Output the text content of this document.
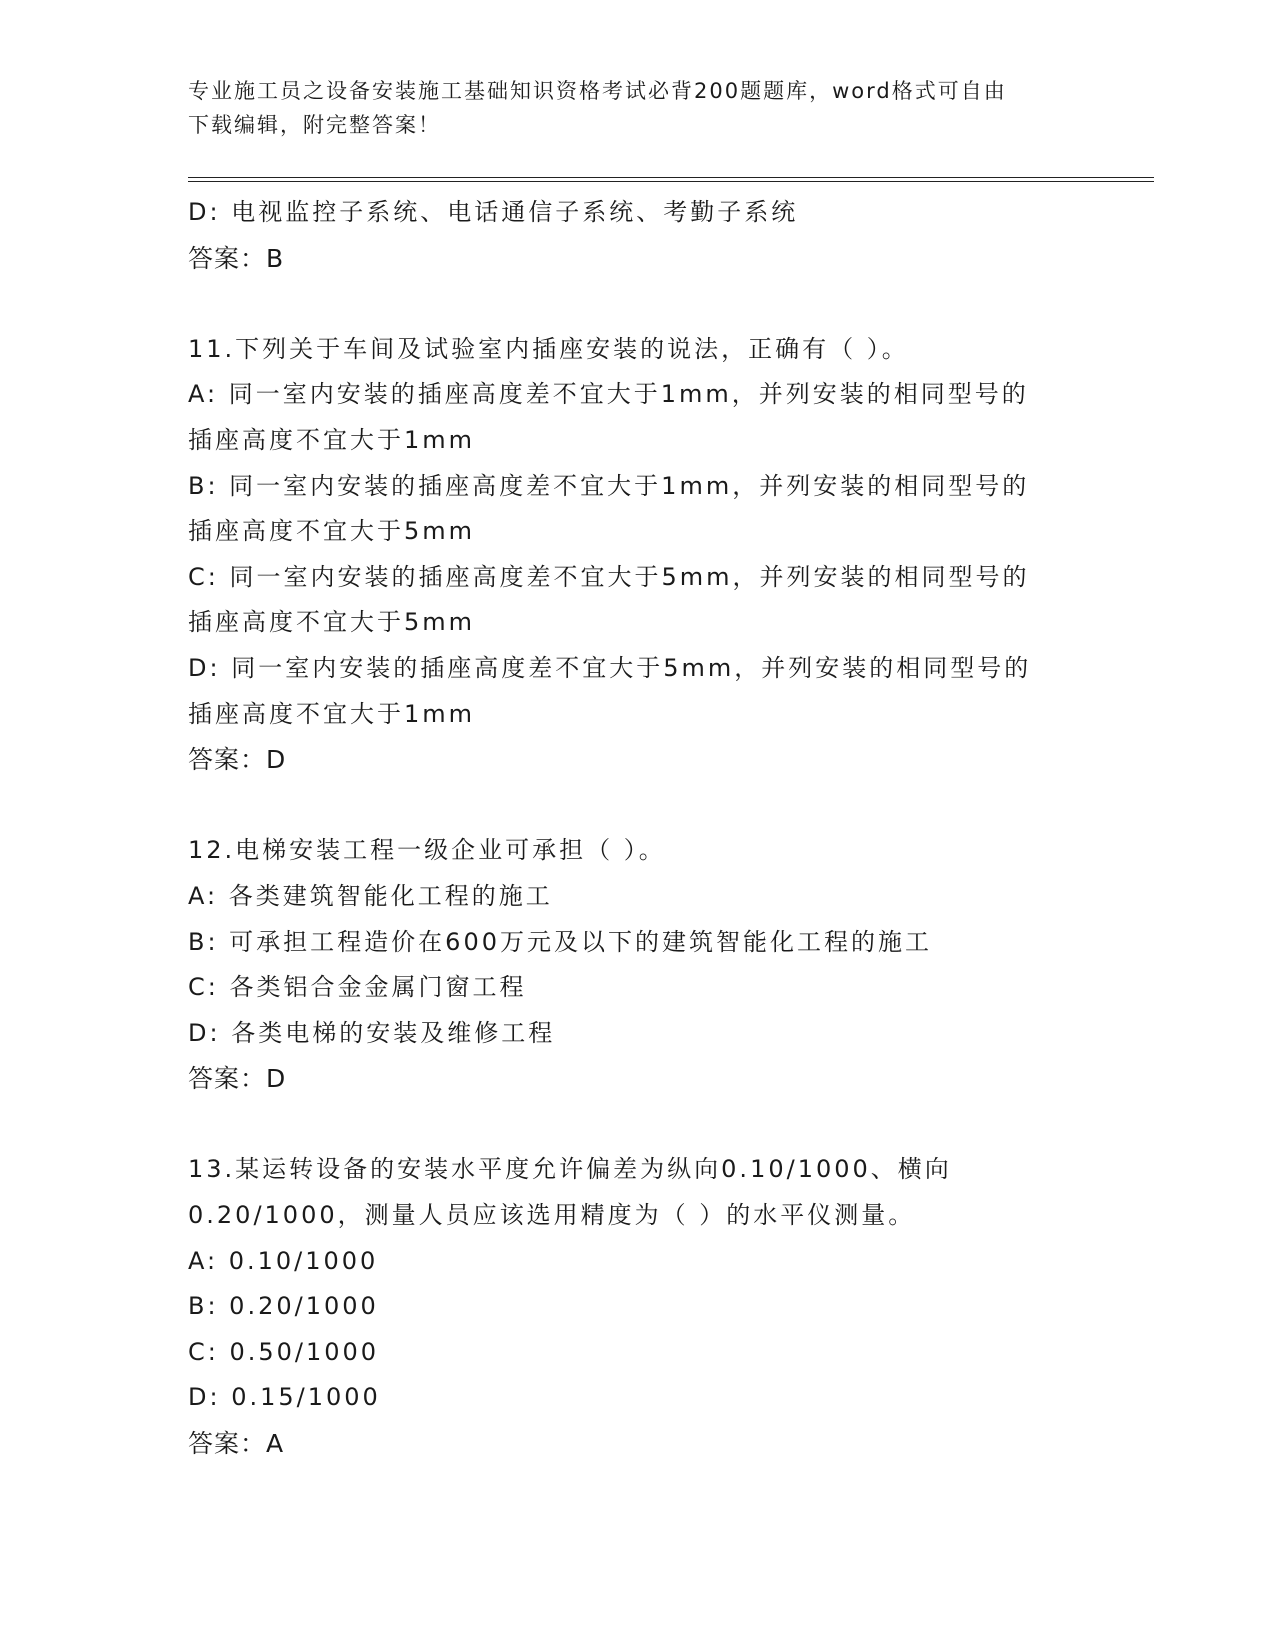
专业施工员之设备安装施工基础知识资格考试必背200题题库，word格式可自由
下载编辑，附完整答案！
D: 电视监控子系统、电话通信子系统、考勤子系统
答案：B
11.下列关于车间及试验室内插座安装的说法，正确有（ ）。
A: 同一室内安装的插座高度差不宜大于1mm，并列安装的相同型号的
插座高度不宜大于1mm
B: 同一室内安装的插座高度差不宜大于1mm，并列安装的相同型号的
插座高度不宜大于5mm
C: 同一室内安装的插座高度差不宜大于5mm，并列安装的相同型号的
插座高度不宜大于5mm
D: 同一室内安装的插座高度差不宜大于5mm，并列安装的相同型号的
插座高度不宜大于1mm
答案：D
12.电梯安装工程一级企业可承担（ ）。
A: 各类建筑智能化工程的施工
B: 可承担工程造价在600万元及以下的建筑智能化工程的施工
C: 各类铝合金金属门窗工程
D: 各类电梯的安装及维修工程
答案：D
13.某运转设备的安装水平度允许偏差为纵向0.10/1000、横向
0.20/1000，测量人员应该选用精度为（ ）的水平仪测量。
A: 0.10/1000
B: 0.20/1000
C: 0.50/1000
D: 0.15/1000
答案：A
